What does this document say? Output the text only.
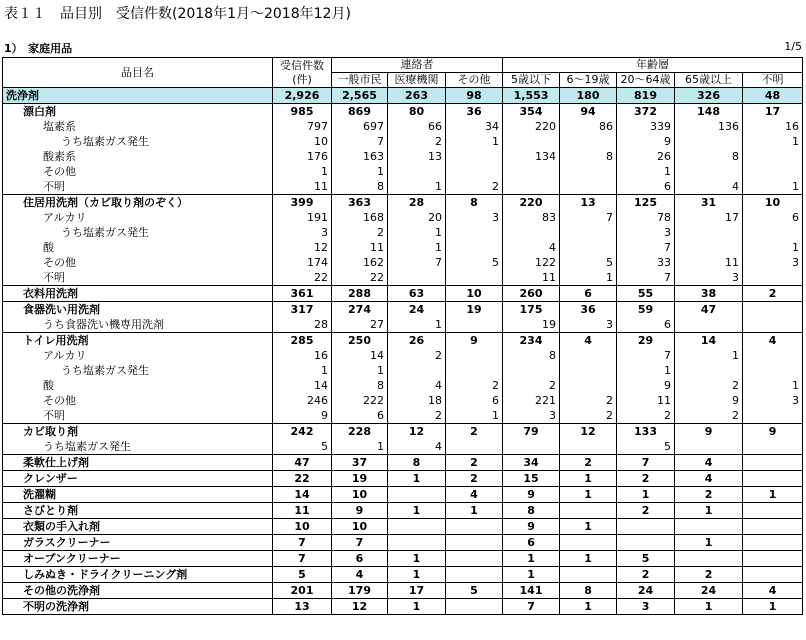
表１１　品目別　受信件数(2018年1月～2018年12月)
1）　家庭用品	1/5
品目名	受信件数(件)	連絡者			年齢層				
		一般市民	医療機関	その他	5歳以下	6～19歳	20～64歳	65歳以上	不明
洗浄剤	2,926	2,565	263	98	1,553	180	819	326	48
漂白剤	985	869	80	36	354	94	372	148	17
塩素系	797	697	66	34	220	86	339	136	16
うち塩素ガス発生	10	7	2	1			9		1
酸素系	176	163	13		134	8	26	8	
その他	1	1					1		
不明	11	8	1	2			6	4	1
住居用洗剤（カビ取り剤のぞく）	399	363	28	8	220	13	125	31	10
アルカリ	191	168	20	3	83	7	78	17	6
うち塩素ガス発生	3	2	1				3		
酸	12	11	1		4		7		1
その他	174	162	7	5	122	5	33	11	3
不明	22	22			11	1	7	3	
衣料用洗剤	361	288	63	10	260	6	55	38	2
食器洗い用洗剤	317	274	24	19	175	36	59	47	
うち食器洗い機専用洗剤	28	27	1		19	3	6		
トイレ用洗剤	285	250	26	9	234	4	29	14	4
アルカリ	16	14	2		8		7	1	
うち塩素ガス発生	1	1					1		
酸	14	8	4	2	2		9	2	1
その他	246	222	18	6	221	2	11	9	3
不明	9	6	2	1	3	2	2	2	
カビ取り剤	242	228	12	2	79	12	133	9	9
うち塩素ガス発生	5	1	4				5		
柔軟仕上げ剤	47	37	8	2	34	2	7	4	
クレンザー	22	19	1	2	15	1	2	4	
洗濯糊	14	10		4	9	1	1	2	1
さびとり剤	11	9	1	1	8		2	1	
衣類の手入れ剤	10	10			9	1			
ガラスクリーナー	7	7			6			1	
オーブンクリーナー	7	6	1		1	1	5		
しみぬき・ドライクリーニング剤	5	4	1		1		2	2	
その他の洗浄剤	201	179	17	5	141	8	24	24	4
不明の洗浄剤	13	12	1		7	1	3	1	1
